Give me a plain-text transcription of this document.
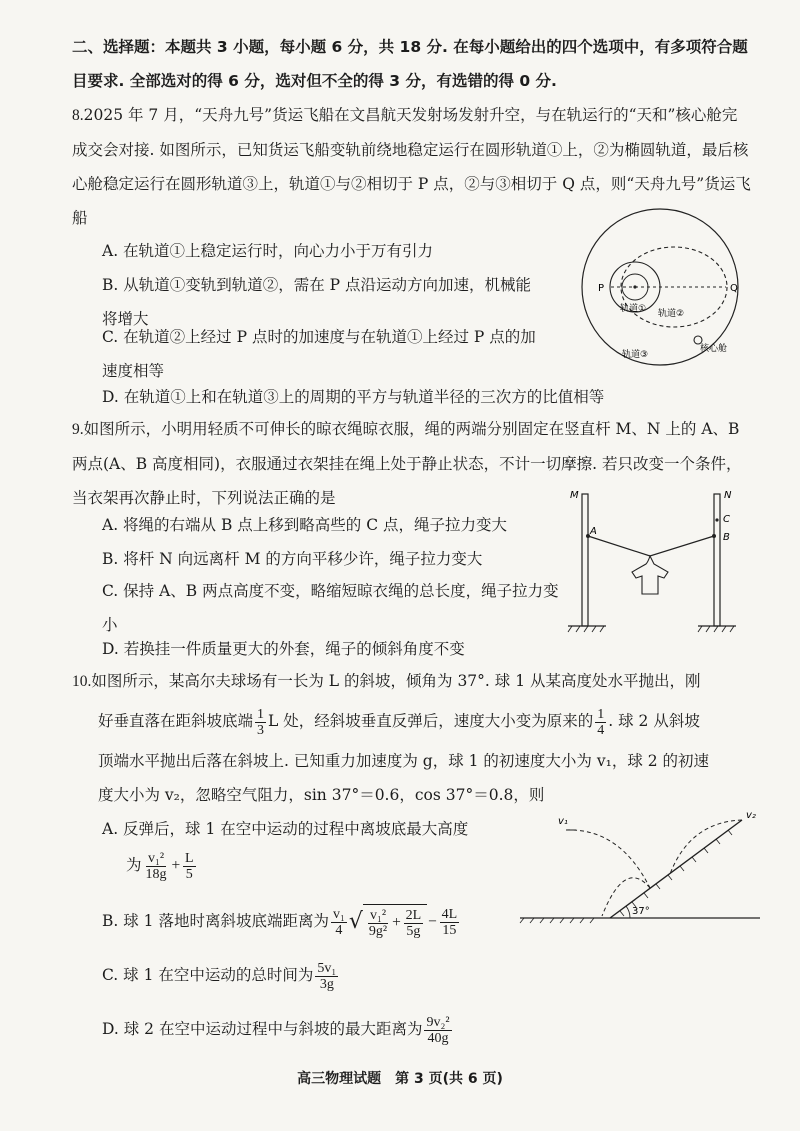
二、选择题：本题共 3 小题，每小题 6 分，共 18 分. 在每小题给出的四个选项中，有多项符合题目要求. 全部选对的得 6 分，选对但不全的得 3 分，有选错的得 0 分.
8.2025 年 7 月，“天舟九号”货运飞船在文昌航天发射场发射升空，与在轨运行的“天和”核心舱完成交会对接. 如图所示，已知货运飞船变轨前绕地稳定运行在圆形轨道①上，②为椭圆轨道，最后核心舱稳定运行在圆形轨道③上，轨道①与②相切于 P 点，②与③相切于 Q 点，则“天舟九号”货运飞船
A. 在轨道①上稳定运行时，向心力小于万有引力
B. 从轨道①变轨到轨道②，需在 P 点沿运动方向加速，机械能将增大
C. 在轨道②上经过 P 点时的加速度与在轨道①上经过 P 点的加速度相等
D. 在轨道①上和在轨道③上的周期的平方与轨道半径的三次方的比值相等
P	Q
轨道① 轨道②
轨道③
核心舱
9.如图所示，小明用轻质不可伸长的晾衣绳晾衣服，绳的两端分别固定在竖直杆 M、N 上的 A、B 两点(A、B 高度相同)，衣服通过衣架挂在绳上处于静止状态，不计一切摩擦. 若只改变一个条件，当衣架再次静止时，下列说法正确的是
A. 将绳的右端从 B 点上移到略高些的 C 点，绳子拉力变大
B. 将杆 N 向远离杆 M 的方向平移少许，绳子拉力变大
C. 保持 A、B 两点高度不变，略缩短晾衣绳的总长度，绳子拉力变小
D. 若换挂一件质量更大的外套，绳子的倾斜角度不变
M	N
A
B
C
10.如图所示，某高尔夫球场有一长为 L 的斜坡，倾角为 37°. 球 1 从某高度处水平抛出，刚
好垂直落在距斜坡底端 $\frac{1}{3}$ L 处，经斜坡垂直反弹后，速度大小变为原来的 $\frac{1}{4}$ . 球 2 从斜坡
顶端水平抛出后落在斜坡上. 已知重力加速度为 g，球 1 的初速度大小为 v₁，球 2 的初速
度大小为 v₂，忽略空气阻力，sin 37°＝0.6，cos 37°＝0.8，则
A. 反弹后，球 1 在空中运动的过程中离坡底最大高度
为 $\frac{\text{v₁²}}{18g} + \frac{L}{5}$
B. 球 1 落地时离斜坡底端距离为 $\frac{\text{v₁}}{4}$ √ $\frac{\text{v₁²}}{\text{9g²}} + \frac{2L}{5g} - \frac{4L}{15}$
C. 球 1 在空中运动的总时间为 $\frac{\text{5v₁}}{3g}$
D. 球 2 在空中运动过程中与斜坡的最大距离为 $\frac{\text{9v₂²}}{40g}$
v₁
v₂
37°
高三物理试题　第 3 页(共 6 页)
